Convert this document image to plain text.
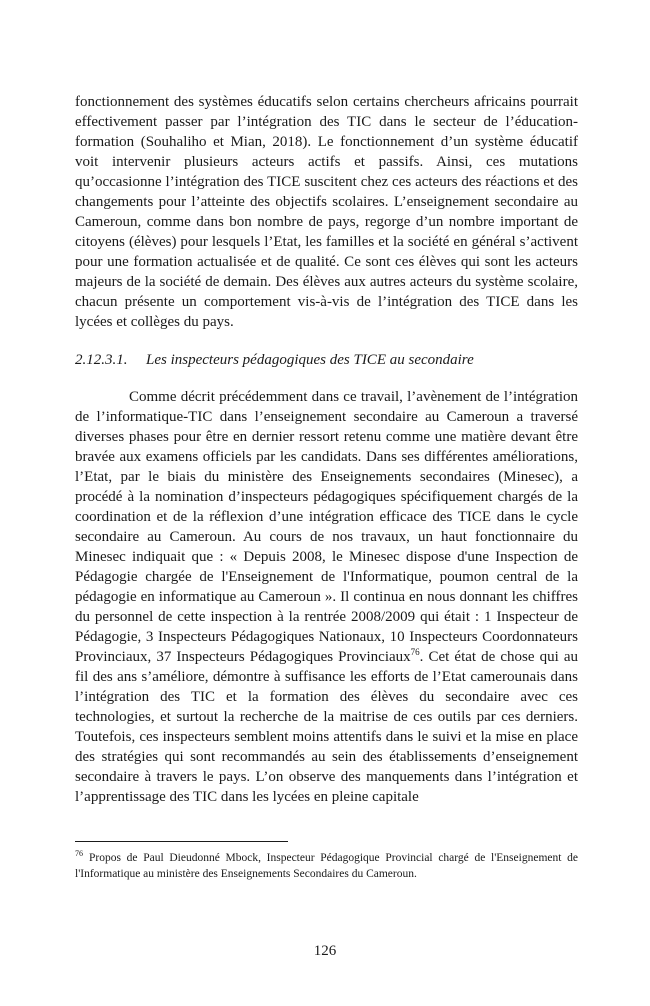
fonctionnement des systèmes éducatifs selon certains chercheurs africains pourrait effectivement passer par l’intégration des TIC dans le secteur de l’éducation-formation (Souhaliho et Mian, 2018). Le fonctionnement d’un système éducatif voit intervenir plusieurs acteurs actifs et passifs. Ainsi, ces mutations qu’occasionne l’intégration des TICE suscitent chez ces acteurs des réactions et des changements pour l’atteinte des objectifs scolaires. L’enseignement secondaire au Cameroun, comme dans bon nombre de pays, regorge d’un nombre important de citoyens (élèves) pour lesquels l’Etat, les familles et la société en général s’activent pour une formation actualisée et de qualité. Ce sont ces élèves qui sont les acteurs majeurs de la société de demain. Des élèves aux autres acteurs du système scolaire, chacun présente un comportement vis-à-vis de l’intégration des TICE dans les lycées et collèges du pays.

2.12.3.1. Les inspecteurs pédagogiques des TICE au secondaire

Comme décrit précédemment dans ce travail, l’avènement de l’intégration de l’informatique-TIC dans l’enseignement secondaire au Cameroun a traversé diverses phases pour être en dernier ressort retenu comme une matière devant être bravée aux examens officiels par les candidats. Dans ses différentes améliorations, l’Etat, par le biais du ministère des Enseignements secondaires (Minesec), a procédé à la nomination d’inspecteurs pédagogiques spécifiquement chargés de la coordination et de la réflexion d’une intégration efficace des TICE dans le cycle secondaire au Cameroun. Au cours de nos travaux, un haut fonctionnaire du Minesec indiquait que : « Depuis 2008, le Minesec dispose d'une Inspection de Pédagogie chargée de l'Enseignement de l'Informatique, poumon central de la pédagogie en informatique au Cameroun ». Il continua en nous donnant les chiffres du personnel de cette inspection à la rentrée 2008/2009 qui était : 1 Inspecteur de Pédagogie, 3 Inspecteurs Pédagogiques Nationaux, 10 Inspecteurs Coordonnateurs Provinciaux, 37 Inspecteurs Pédagogiques Provinciaux$^{76}$. Cet état de chose qui au fil des ans s’améliore, démontre à suffisance les efforts de l’Etat camerounais dans l’intégration des TIC et la formation des élèves du secondaire avec ces technologies, et surtout la recherche de la maitrise de ces outils par ces derniers. Toutefois, ces inspecteurs semblent moins attentifs dans le suivi et la mise en place des stratégies qui sont recommandés au sein des établissements d’enseignement secondaire à travers le pays. L’on observe des manquements dans l’intégration et l’apprentissage des TIC dans les lycées en pleine capitale

$^{76}$ Propos de Paul Dieudonné Mbock, Inspecteur Pédagogique Provincial chargé de l'Enseignement de l'Informatique au ministère des Enseignements Secondaires du Cameroun.

126
